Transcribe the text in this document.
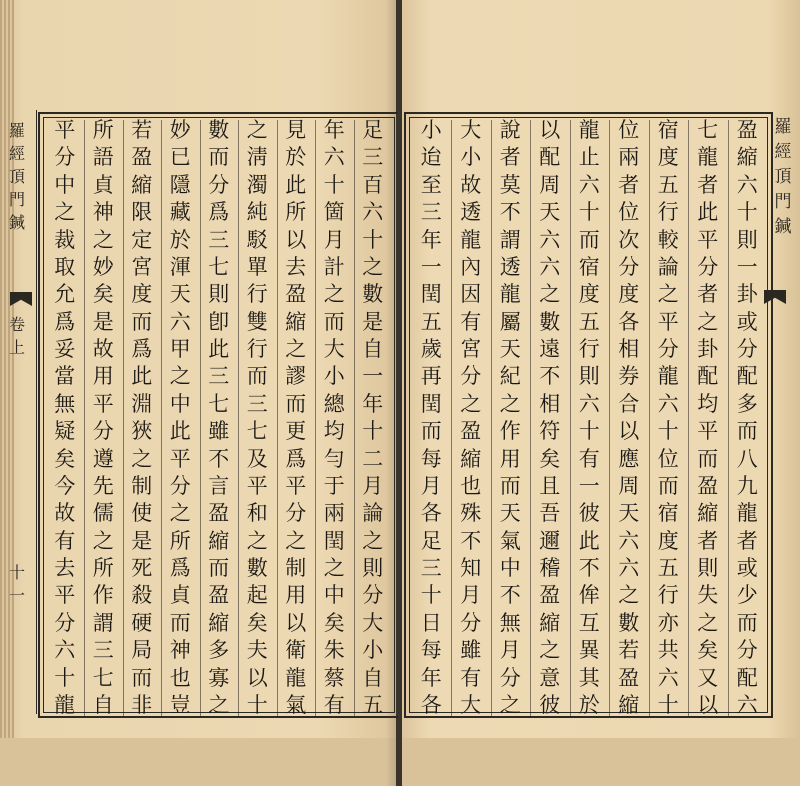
羅
經
頂
門
鍼
卷
上
十
一
羅
經
頂
門
鍼
足
三
百
六
十
之
數
是
自
一
年
十
二
月
論
之
則
分
大
小
自
五
年
六
十
箇
月
計
之
而
大
小
總
均
勻
于
兩
閏
之
中
矣
朱
蔡
有
見
於
此
所
以
去
盈
縮
之
謬
而
更
爲
平
分
之
制
用
以
衛
龍
氣
之
淸
濁
純
駁
單
行
雙
行
而
三
七
及
平
和
之
數
起
矣
夫
以
十
數
而
分
爲
三
七
則
卽
此
三
七
雖
不
言
盈
縮
而
盈
縮
多
寡
之
妙
已
隱
藏
於
渾
天
六
甲
之
中
此
平
分
之
所
爲
貞
而
神
也
豈
若
盈
縮
限
定
宮
度
而
爲
此
淵
狹
之
制
使
是
死
殺
硬
局
而
非
所
語
貞
神
之
妙
矣
是
故
用
平
分
遵
先
儒
之
所
作
謂
三
七
自
平
分
中
之
裁
取
允
爲
妥
當
無
疑
矣
今
故
有
去
平
分
六
十
龍
盈
縮
六
十
則
一
卦
或
分
配
多
而
八
九
龍
者
或
少
而
分
配
六
七
龍
者
此
平
分
者
之
卦
配
均
平
而
盈
縮
者
則
失
之
矣
又
以
宿
度
五
行
較
論
之
平
分
龍
六
十
位
而
宿
度
五
行
亦
共
六
十
位
兩
者
位
次
分
度
各
相
券
合
以
應
周
天
六
六
之
數
若
盈
縮
龍
止
六
十
而
宿
度
五
行
則
六
十
有
一
彼
此
不
侔
互
異
其
於
以
配
周
天
六
六
之
數
遠
不
相
符
矣
且
吾
邇
稽
盈
縮
之
意
彼
說
者
莫
不
謂
透
龍
屬
天
紀
之
作
用
而
天
氣
中
不
無
月
分
之
大
小
故
透
龍
內
因
有
宮
分
之
盈
縮
也
殊
不
知
月
分
雖
有
大
小
迨
至
三
年
一
閏
五
歲
再
閏
而
每
月
各
足
三
十
日
每
年
各
